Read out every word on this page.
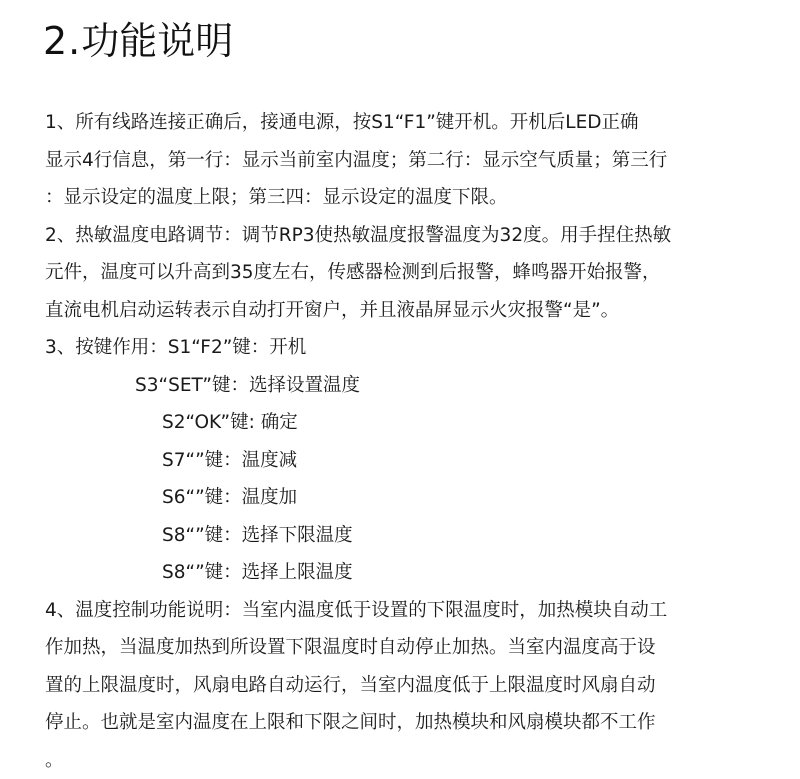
2.功能说明
1、所有线路连接正确后，接通电源，按S1“F1”键开机。开机后LED正确
显示4行信息，第一行：显示当前室内温度；第二行：显示空气质量；第三行
：显示设定的温度上限；第三四：显示设定的温度下限。
2、热敏温度电路调节：调节RP3使热敏温度报警温度为32度。用手捏住热敏
元件，温度可以升高到35度左右，传感器检测到后报警，蜂鸣器开始报警，
直流电机启动运转表示自动打开窗户，并且液晶屏显示火灾报警“是”。
3、按键作用：S1“F2”键：开机
S3“SET”键：选择设置温度
S2“OK”键: 确定
S7“”键：温度减
S6“”键：温度加
S8“”键：选择下限温度
S8“”键：选择上限温度
4、温度控制功能说明：当室内温度低于设置的下限温度时，加热模块自动工
作加热，当温度加热到所设置下限温度时自动停止加热。当室内温度高于设
置的上限温度时，风扇电路自动运行，当室内温度低于上限温度时风扇自动
停止。也就是室内温度在上限和下限之间时，加热模块和风扇模块都不工作
。
